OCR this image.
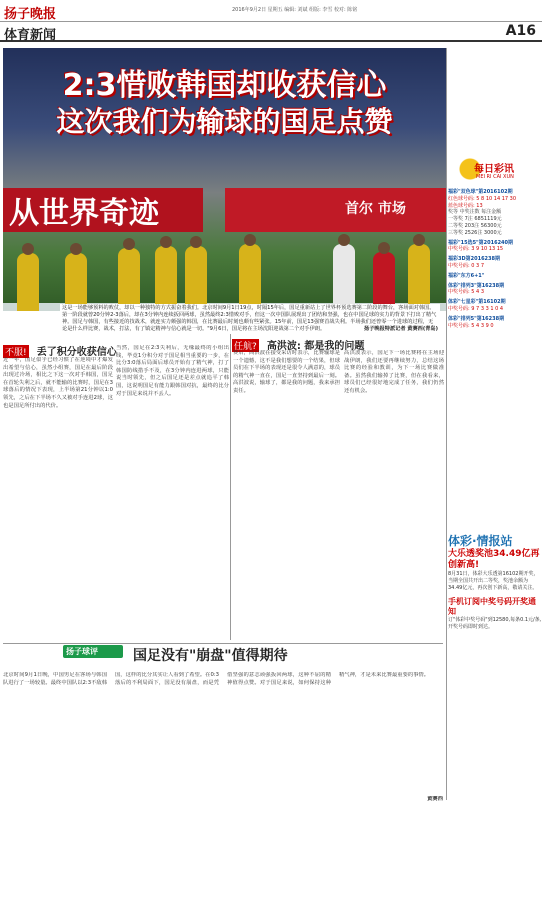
扬子晚报	2016年9月2日 星期五 编辑: 刘斌 组版: 李雪 校对: 陈铭
体育新闻	A16
从世界奇迹	首尔 市场
2:3惜败韩国却收获信心
这次我们为输球的国足点赞
这是一场能够预料的败仗，却以一种独特的方式振奋着我们。北京时间9月1日19点，时隔15年后，国足重新站上了世界杯预选赛第二阶段的舞台，客场面对韩国。第一阶段就曾20分钟2-3落后，却在3分钟内连续扳回两球，虽然最终2:3惜败对手，但这一次中国队展现出了团结和坚强，也在中国足球的实力的背景下打出了精气神。国足与韩国，有些接近的技战术，就连实力颇强的韩国，在比赛最后时刻也颇有些紧张。15年前，国足13强赛首战失利。半场我们还曾零一个进球的过程，无论是什么样比赛，战术，打法，有了镇定精神与信心就是一切。"9月6日，国足将在主场沈阳迎战第二个对手伊朗。	扬子晚报特派记者 黄赛西(青岛)
不服! 丢了积分收获信心
近一年，国足似乎已经习惯了在逆境中才爆发出希望与信心，虽然小组赛，国足在最后阶段出现过冷场，相比之下这一次对手韩国，国足在首轮失利之后，就不能输的比赛时，国足在3球落后的情况下表现，上半场第21分钟以1:0领先，之后在下半场不久又被对手连进2球，这也是国足所付出的代价。
当然，国足在2:3失利后，无缘最终的小组出线，毕竟1分积分对于国足相当重要的一步，在比分3:0落后局面后球员开始有了精气神，打了韩国防线措手不及，在3分钟内连进两球，只能说当时领先，但之后国足还是差点就追平了韩国，这说明国足有能力跟韩国对抗，最终的比分对于国足来说并不丢人。
任航? 高洪波: 都是我的问题
赛后，高洪波在接受采访时表示，比赛输球是一个遗憾，这不是我们想要的一个结果，但球员们在下半场的表现还是很令人满意的，球员的精气神一直在，国足一直坚持到最后一刻。高洪波说，输球了，都是我的问题，我来承担责任。
高洪波表示，国足下一场比赛将在主场迎战伊朗，我们还要再继续努力，总结这场比赛的经验和教训，为下一场比赛做准备。虽然我们输掉了比赛，但在我看来，球员们已经很好地完成了任务，我们仍然还有机会。
扬子球评	国足没有"崩盘"值得期待
北京时间9月1日晚，中国男足在客场与韩国队进行了一场较量。最终中国队以2:3不敌韩国，这样的比分其实让人看到了希望。在0:3落后的不利局面下，国足没有崩盘，而是凭借坚强的意志顽强扳回两球，这种不屈的精神值得点赞。对于国足来说，如何保持这种精气神，才是未来比赛最重要的事情。
黄赛西
每日彩讯
MEI RI CAI XUN
福彩"双色球"第2016102期
红色球号码: 5 8 10 14 17 30
蓝色球号码: 13
奖等 中奖注数 每注金额
一等奖 7注 6851119元
二等奖 203注 56300元
三等奖 2526注 3000元
福彩"15选5"第2016240期
中奖号码: 3 9 10 13 15
福彩3D第2016238期
中奖号码: 0 3 7
福彩"东方6+1"
体彩"排列3"第16238期
中奖号码: 5 4 3
体彩"七星彩"第16102期
中奖号码: 9 7 3 3 1 0 4
体彩"排列5"第16238期
中奖号码: 5 4 3 9 0
体彩·情报站
大乐透奖池34.49亿再创新高!
8月31日，体彩大乐透第16102期开奖，当期全国共开出二等奖，奖池余额为34.49亿元，再次创下新高，敬请关注。
手机订阅中奖号码开奖通知
订"体彩中奖号码"到12580,每条0.1元/条,开奖号码即时到达。
